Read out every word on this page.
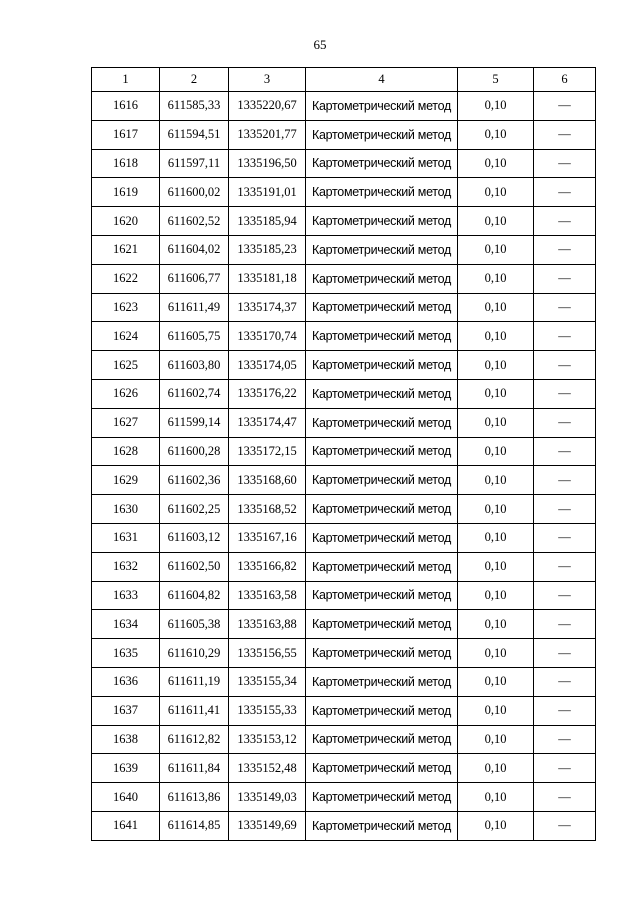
65
1	2	3	4	5	6
1616	611585,33	1335220,67	Картометрический метод	0,10	—
1617	611594,51	1335201,77	Картометрический метод	0,10	—
1618	611597,11	1335196,50	Картометрический метод	0,10	—
1619	611600,02	1335191,01	Картометрический метод	0,10	—
1620	611602,52	1335185,94	Картометрический метод	0,10	—
1621	611604,02	1335185,23	Картометрический метод	0,10	—
1622	611606,77	1335181,18	Картометрический метод	0,10	—
1623	611611,49	1335174,37	Картометрический метод	0,10	—
1624	611605,75	1335170,74	Картометрический метод	0,10	—
1625	611603,80	1335174,05	Картометрический метод	0,10	—
1626	611602,74	1335176,22	Картометрический метод	0,10	—
1627	611599,14	1335174,47	Картометрический метод	0,10	—
1628	611600,28	1335172,15	Картометрический метод	0,10	—
1629	611602,36	1335168,60	Картометрический метод	0,10	—
1630	611602,25	1335168,52	Картометрический метод	0,10	—
1631	611603,12	1335167,16	Картометрический метод	0,10	—
1632	611602,50	1335166,82	Картометрический метод	0,10	—
1633	611604,82	1335163,58	Картометрический метод	0,10	—
1634	611605,38	1335163,88	Картометрический метод	0,10	—
1635	611610,29	1335156,55	Картометрический метод	0,10	—
1636	611611,19	1335155,34	Картометрический метод	0,10	—
1637	611611,41	1335155,33	Картометрический метод	0,10	—
1638	611612,82	1335153,12	Картометрический метод	0,10	—
1639	611611,84	1335152,48	Картометрический метод	0,10	—
1640	611613,86	1335149,03	Картометрический метод	0,10	—
1641	611614,85	1335149,69	Картометрический метод	0,10	—
